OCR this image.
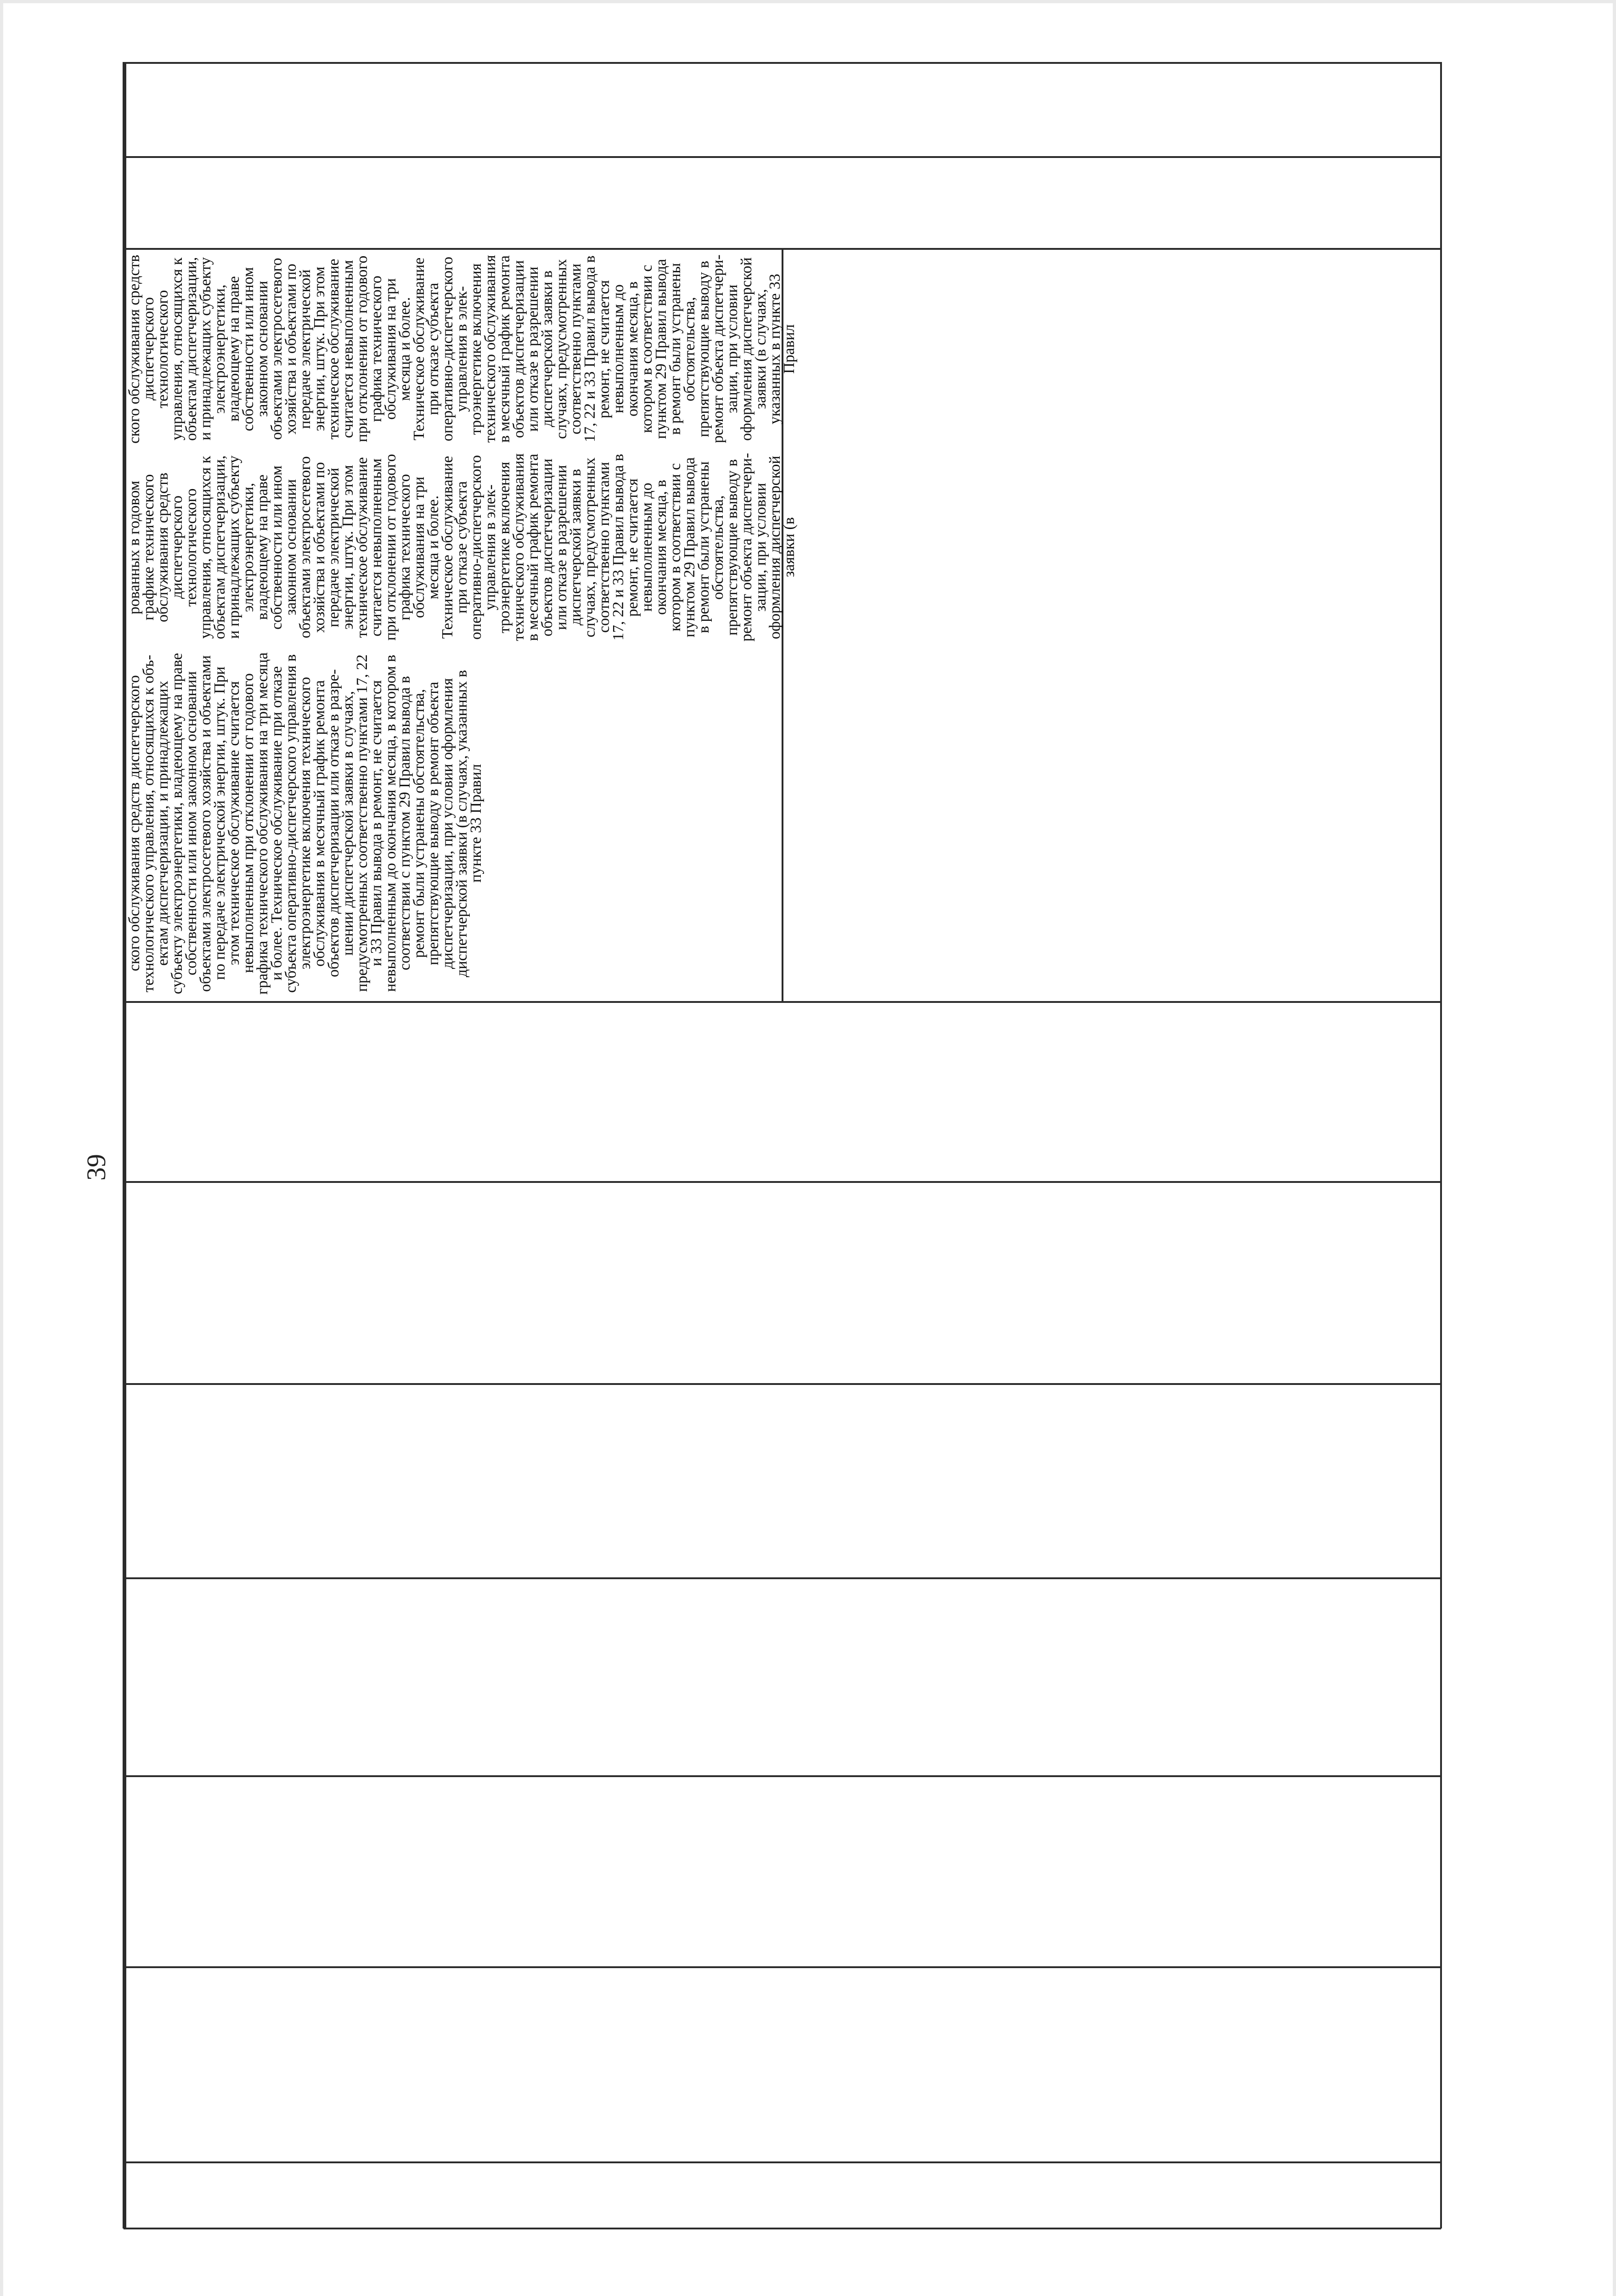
39
ского обслуживания средств диспетчерского технологического управления, относящихся к объектам диспетчеризации, и принадлежащих субъекту электроэнергетики, владеющему на праве собственности или ином законном основании объектами электросетевого хозяйства и объектами по передаче электрической энергии, штук. При этом техническое обслуживание считается невыполненным при отклонении от годового графика технического обслуживания на три месяца и более. Техническое обслуживание при отказе субъекта оперативно-диспетчерского управления в электроэнергетике включения технического обслуживания в месячный график ремонта объектов диспетчеризации или отказе в разрешении диспетчерской заявки в случаях, предусмотренных соответственно пунктами 17, 22 и 33 Правил вывода в ремонт, не считается невыполненным до окончания месяца, в котором в соответствии с пунктом 29 Правил вывода в ремонт были устранены обстоятельства, препятствующие выводу в ремонт объекта диспетчеризации, при условии оформления диспетчерской заявки (в случаях, указанных в пункте 33 Правил
рованных в годовом графике технического обслуживания средств диспетчерского технологического управления, относящихся к объектам диспетчеризации, и принадлежащих субъекту электроэнергетики, владеющему на праве собственности или ином законном основании объектами электросетевого хозяйства и объектами по передаче электрической энергии, штук. При этом техническое обслуживание считается невыполненным при отклонении от годового графика технического обслуживания на три месяца и более. Техническое обслуживание при отказе субъекта оперативно-диспетчерского управления в электроэнергетике включения технического обслуживания в месячный график ремонта объектов диспетчеризации или отказе в разрешении диспетчерской заявки в случаях, предусмотренных соответственно пунктами 17, 22 и 33 Правил вывода в ремонт, не считается невыполненным до окончания месяца, в котором в соответствии с пунктом 29 Правил вывода в ремонт были устранены обстоятельства, препятствующие выводу в ремонт объекта диспетчеризации, при условии оформления диспетчерской заявки (в
ского обслуживания средств диспетчерского технологического управления, относящихся к объектам диспетчеризации, и принадлежащих субъекту электроэнергетики, владеющему на праве собственности или ином законном основании объектами электросетевого хозяйства и объектами по передаче электрической энергии, штук. При этом техническое обслуживание считается невыполненным при отклонении от годового графика технического обслуживания на три месяца и более. Техническое обслуживание при отказе субъекта оперативно-диспетчерского управления в электроэнергетике включения технического обслуживания в месячный график ремонта объектов диспетчеризации или отказе в разрешении диспетчерской заявки в случаях, предусмотренных соответственно пунктами 17, 22 и 33 Правил вывода в ремонт, не считается невыполненным до окончания месяца, в котором в соответствии с пунктом 29 Правил вывода в ремонт были устранены обстоятельства, препятствующие выводу в ремонт объекта диспетчеризации, при условии оформления диспетчерской заявки (в случаях, указанных в пункте 33 Правил
